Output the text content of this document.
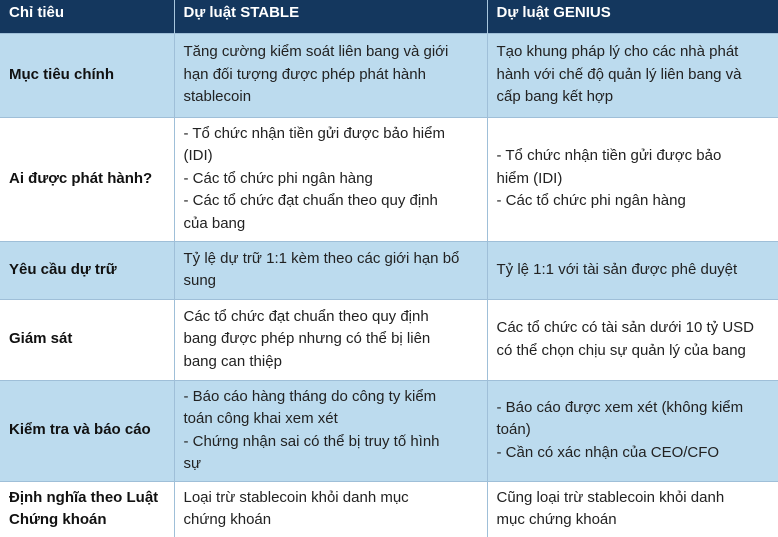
Chỉ tiêu	Dự luật STABLE	Dự luật GENIUS
Mục tiêu chính	Tăng cường kiểm soát liên bang và giới
hạn đối tượng được phép phát hành
stablecoin	Tạo khung pháp lý cho các nhà phát
hành với chế độ quản lý liên bang và
cấp bang kết hợp

Ai được phát hành?	- Tổ chức nhận tiền gửi được bảo hiểm
(IDI)
- Các tổ chức phi ngân hàng
- Các tổ chức đạt chuẩn theo quy định
của bang	- Tổ chức nhận tiền gửi được bảo
hiểm (IDI)
- Các tổ chức phi ngân hàng

Yêu cầu dự trữ	Tỷ lệ dự trữ 1:1 kèm theo các giới hạn bổ
sung	Tỷ lệ 1:1 với tài sản được phê duyệt

Giám sát	Các tổ chức đạt chuẩn theo quy định
bang được phép nhưng có thể bị liên
bang can thiệp	Các tổ chức có tài sản dưới 10 tỷ USD
có thể chọn chịu sự quản lý của bang

Kiểm tra và báo cáo	- Báo cáo hàng tháng do công ty kiểm
toán công khai xem xét
- Chứng nhận sai có thể bị truy tố hình
sự	- Báo cáo được xem xét (không kiểm
toán)
- Cần có xác nhận của CEO/CFO

Định nghĩa theo Luật
Chứng khoán	Loại trừ stablecoin khỏi danh mục
chứng khoán	Cũng loại trừ stablecoin khỏi danh
mục chứng khoán
